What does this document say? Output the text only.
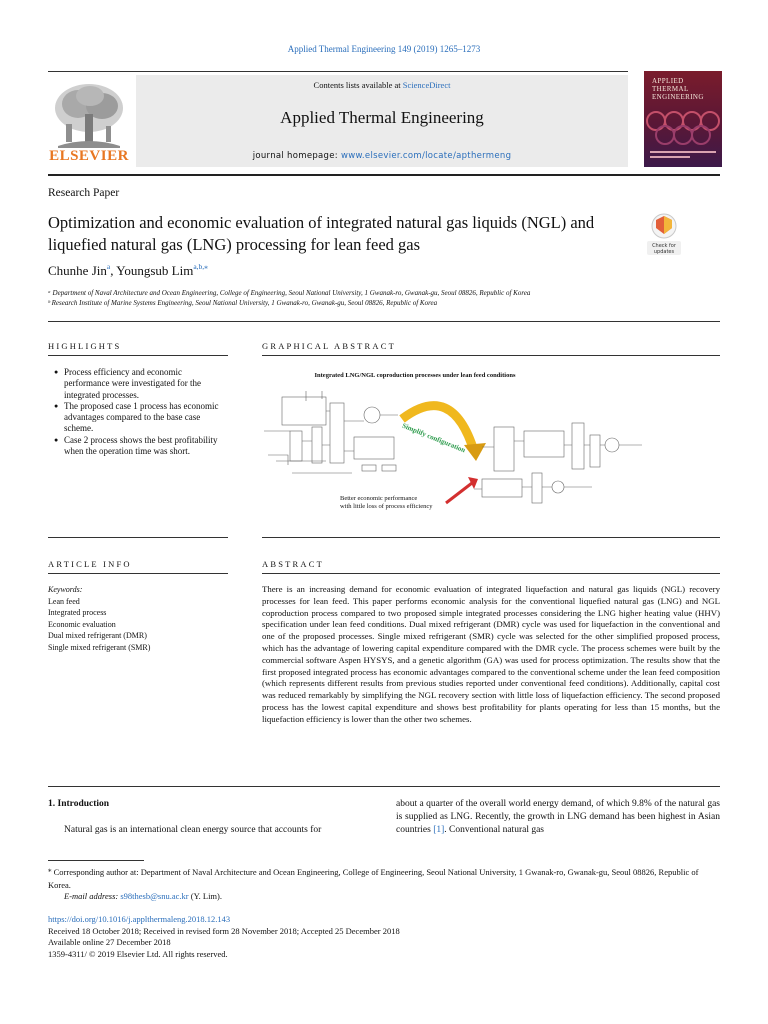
Applied Thermal Engineering 149 (2019) 1265–1273
ELSEVIER
Contents lists available at ScienceDirect
Applied Thermal Engineering
journal homepage: www.elsevier.com/locate/apthermeng
APPLIED THERMAL ENGINEERING
Research Paper
Optimization and economic evaluation of integrated natural gas liquids (NGL) and liquefied natural gas (LNG) processing for lean feed gas	Check for
updates
Chunhe Jin$^a$, Youngsub Lim$^{a,b,⁎}$
ᵃ Department of Naval Architecture and Ocean Engineering, College of Engineering, Seoul National University, 1 Gwanak-ro, Gwanak-gu, Seoul 08826, Republic of Korea
ᵇ Research Institute of Marine Systems Engineering, Seoul National University, 1 Gwanak-ro, Gwanak-gu, Seoul 08826, Republic of Korea
HIGHLIGHTS	GRAPHICAL ABSTRACT
● Process efficiency and economic performance were investigated for the integrated processes.
● The proposed case 1 process has economic advantages compared to the base case scheme.
● Case 2 process shows the best profitability when the operation time was short.
Integrated LNG/NGL coproduction processes under lean feed conditions
Simplify configuration
Better economic performance
with little loss of process efficiency
ARTICLE INFO	ABSTRACT
Keywords:
Lean feed
Integrated process
Economic evaluation
Dual mixed refrigerant (DMR)
Single mixed refrigerant (SMR)
There is an increasing demand for economic evaluation of integrated liquefaction and natural gas liquids (NGL) recovery processes for lean feed. This paper performs economic analysis for the conventional liquefied natural gas (LNG) and NGL coproduction process compared to two proposed simple integrated processes considering the LNG higher heating value (HHV) specification under lean feed conditions. Dual mixed refrigerant (DMR) cycle was used for liquefaction in the conventional and one of the proposed processes. Single mixed refrigerant (SMR) cycle was selected for the other simplified proposed process, which has the advantage of lowering capital expenditure compared with the DMR cycle. The process schemes were built by the commercial software Aspen HYSYS, and a genetic algorithm (GA) was used for process optimization. The results show that the first proposed integrated process has economic advantages compared to the conventional scheme under the lean feed composition (which represents different results from previous studies reported under conventional feed conditions). Additionally, capital cost was reduced remarkably by simplifying the NGL recovery section with little loss of liquefaction efficiency. The second proposed process has the lowest capital expenditure and shows best profitability for plants operating for less than 15 months, but the liquefaction efficiency is lower than the other two schemes.
1. Introduction
Natural gas is an international clean energy source that accounts for
about a quarter of the overall world energy demand, of which 9.8% of the natural gas is supplied as LNG. Recently, the growth in LNG demand has been highest in Asian countries [1]. Conventional natural gas
⁎ Corresponding author at: Department of Naval Architecture and Ocean Engineering, College of Engineering, Seoul National University, 1 Gwanak-ro, Gwanak-gu, Seoul 08826, Republic of Korea.
E-mail address: s98thesb@snu.ac.kr (Y. Lim).
https://doi.org/10.1016/j.applthermaleng.2018.12.143
Received 18 October 2018; Received in revised form 28 November 2018; Accepted 25 December 2018
Available online 27 December 2018
1359-4311/ © 2019 Elsevier Ltd. All rights reserved.
